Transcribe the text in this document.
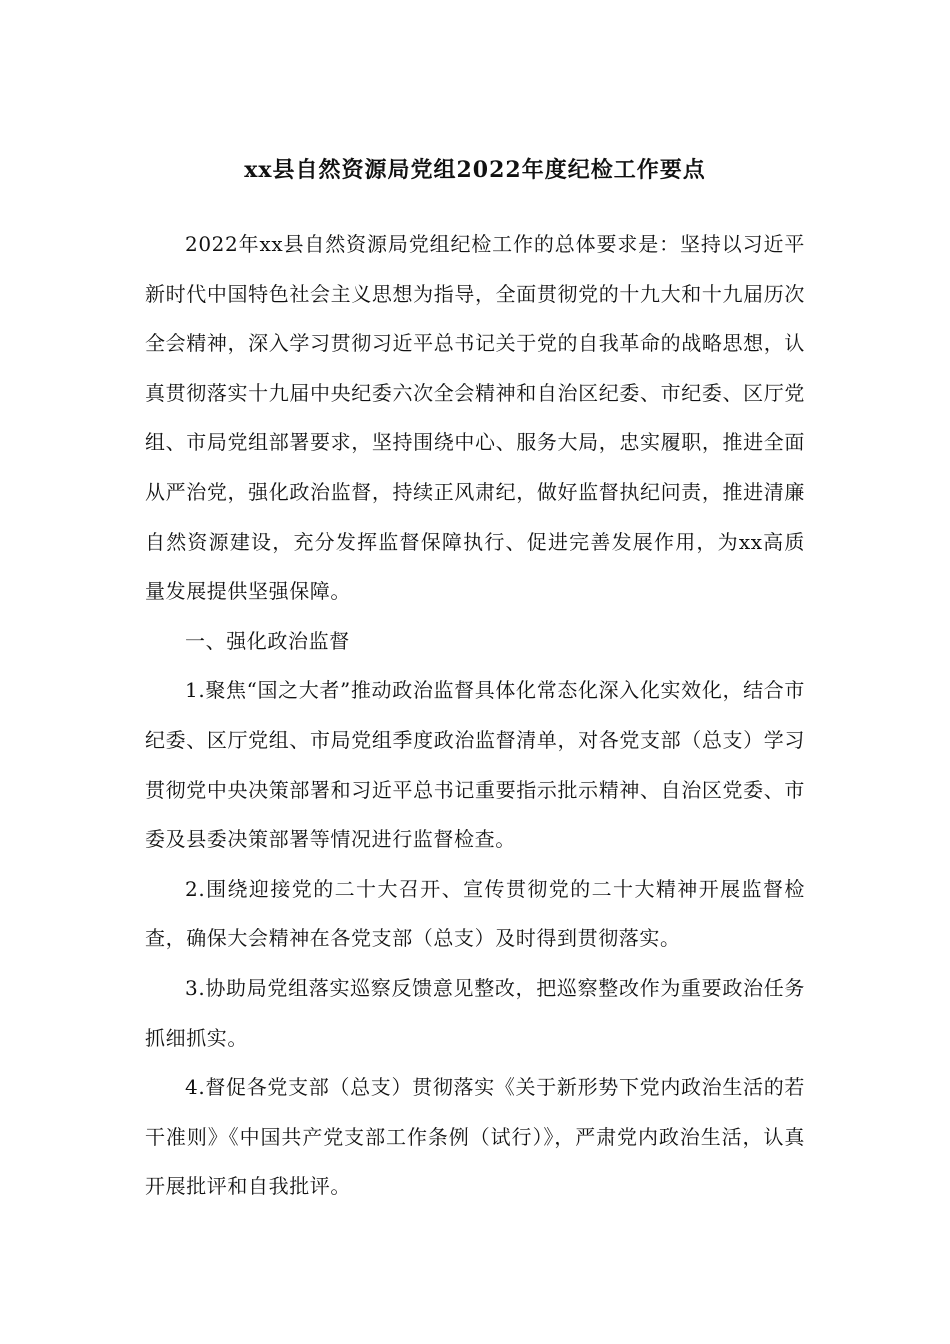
xx县自然资源局党组2022年度纪检工作要点

2022年xx县自然资源局党组纪检工作的总体要求是：坚持以习近平新时代中国特色社会主义思想为指导，全面贯彻党的十九大和十九届历次全会精神，深入学习贯彻习近平总书记关于党的自我革命的战略思想，认真贯彻落实十九届中央纪委六次全会精神和自治区纪委、市纪委、区厅党组、市局党组部署要求，坚持围绕中心、服务大局，忠实履职，推进全面从严治党，强化政治监督，持续正风肃纪，做好监督执纪问责，推进清廉自然资源建设，充分发挥监督保障执行、促进完善发展作用，为xx高质量发展提供坚强保障。

一、强化政治监督

1.聚焦“国之大者”推动政治监督具体化常态化深入化实效化，结合市纪委、区厅党组、市局党组季度政治监督清单，对各党支部（总支）学习贯彻党中央决策部署和习近平总书记重要指示批示精神、自治区党委、市委及县委决策部署等情况进行监督检查。

2.围绕迎接党的二十大召开、宣传贯彻党的二十大精神开展监督检查，确保大会精神在各党支部（总支）及时得到贯彻落实。

3.协助局党组落实巡察反馈意见整改，把巡察整改作为重要政治任务抓细抓实。

4.督促各党支部（总支）贯彻落实《关于新形势下党内政治生活的若干准则》《中国共产党支部工作条例（试行）》，严肃党内政治生活，认真开展批评和自我批评。
